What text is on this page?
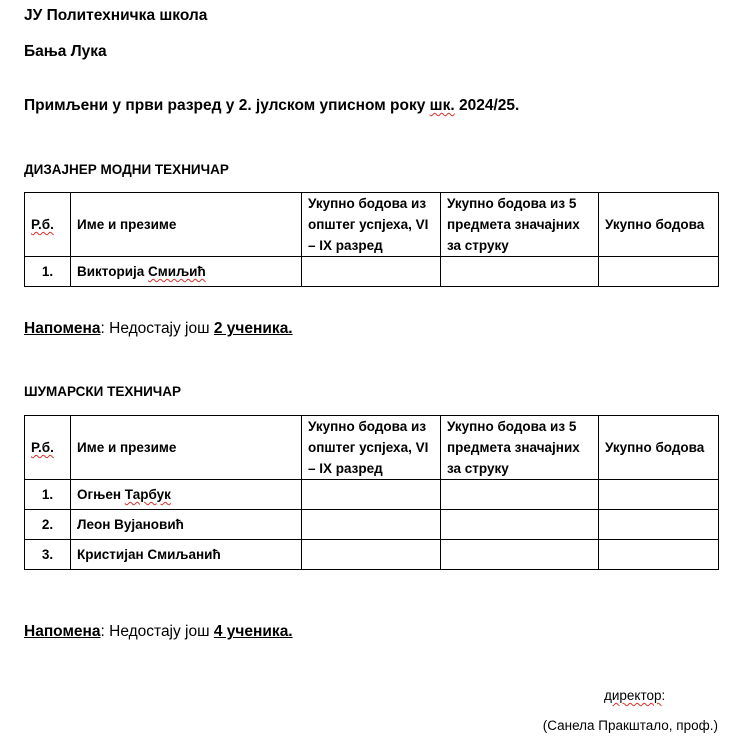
ЈУ Политехничка школа
Бања Лука
Примљени у први разред у 2. јулском уписном року шк. 2024/25.
ДИЗАЈНЕР МОДНИ ТЕХНИЧАР
Р.б.	Име и презиме	Укупно бодова из општег успјеха, VI – IX разред	Укупно бодова из 5 предмета значајних за струку	Укупно бодова
1.	Викторија Смиљић			
Напомена: Недостају још 2 ученика.
ШУМАРСКИ ТЕХНИЧАР
Р.б.	Име и презиме	Укупно бодова из општег успјеха, VI – IX разред	Укупно бодова из 5 предмета значајних за струку	Укупно бодова
1.	Огњен Тарбук			
2.	Леон Вујановић			
3.	Кристијан Смиљанић			
Напомена: Недостају још 4 ученика.
директор:
(Санела Пракштало, проф.)
